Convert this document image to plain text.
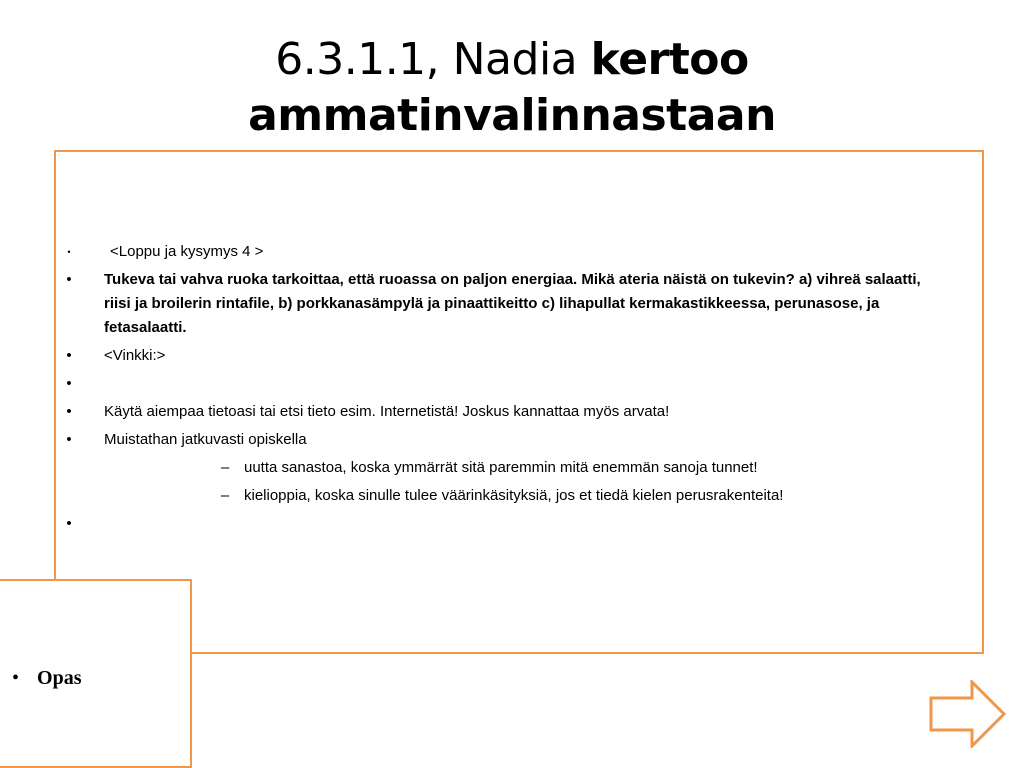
6.3.1.1, Nadia kertoo
ammatinvalinnastaan
•	<Loppu ja kysymys 4 >
• Tukeva tai vahva ruoka tarkoittaa, että ruoassa on paljon energiaa. Mikä ateria näistä on tukevin? a) vihreä salaatti, riisi ja broilerin rintafile, b) porkkanasämpylä ja pinaattikeitto c) lihapullat kermakastikkeessa, perunasose, ja fetasalaatti.
• <Vinkki:>
•
• Käytä aiempaa tietoasi tai etsi tieto esim. Internetistä! Joskus kannattaa myös arvata!
• Muistathan jatkuvasti opiskella
– uutta sanastoa, koska ymmärrät sitä paremmin mitä enemmän sanoja tunnet!
– kielioppia, koska sinulle tulee väärinkäsityksiä, jos et tiedä kielen perusrakenteita!
•
• Opas
